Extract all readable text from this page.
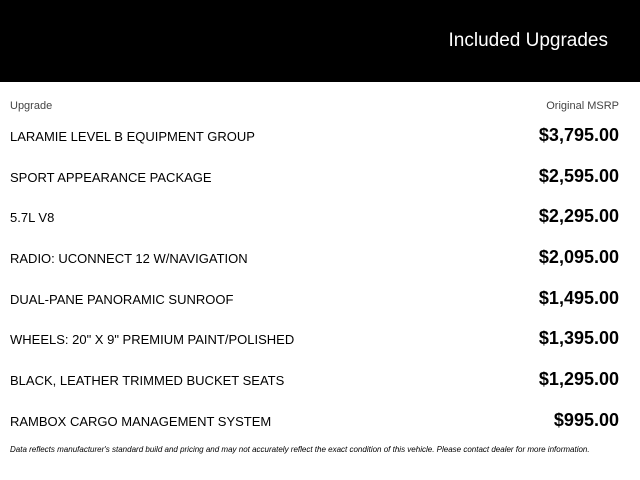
Included Upgrades
Upgrade	Original MSRP
LARAMIE LEVEL B EQUIPMENT GROUP	$3,795.00
SPORT APPEARANCE PACKAGE	$2,595.00
5.7L V8	$2,295.00
RADIO: UCONNECT 12 W/NAVIGATION	$2,095.00
DUAL-PANE PANORAMIC SUNROOF	$1,495.00
WHEELS: 20" X 9" PREMIUM PAINT/POLISHED	$1,395.00
BLACK, LEATHER TRIMMED BUCKET SEATS	$1,295.00
RAMBOX CARGO MANAGEMENT SYSTEM	$995.00
Data reflects manufacturer's standard build and pricing and may not accurately reflect the exact condition of this vehicle. Please contact dealer for more information.
